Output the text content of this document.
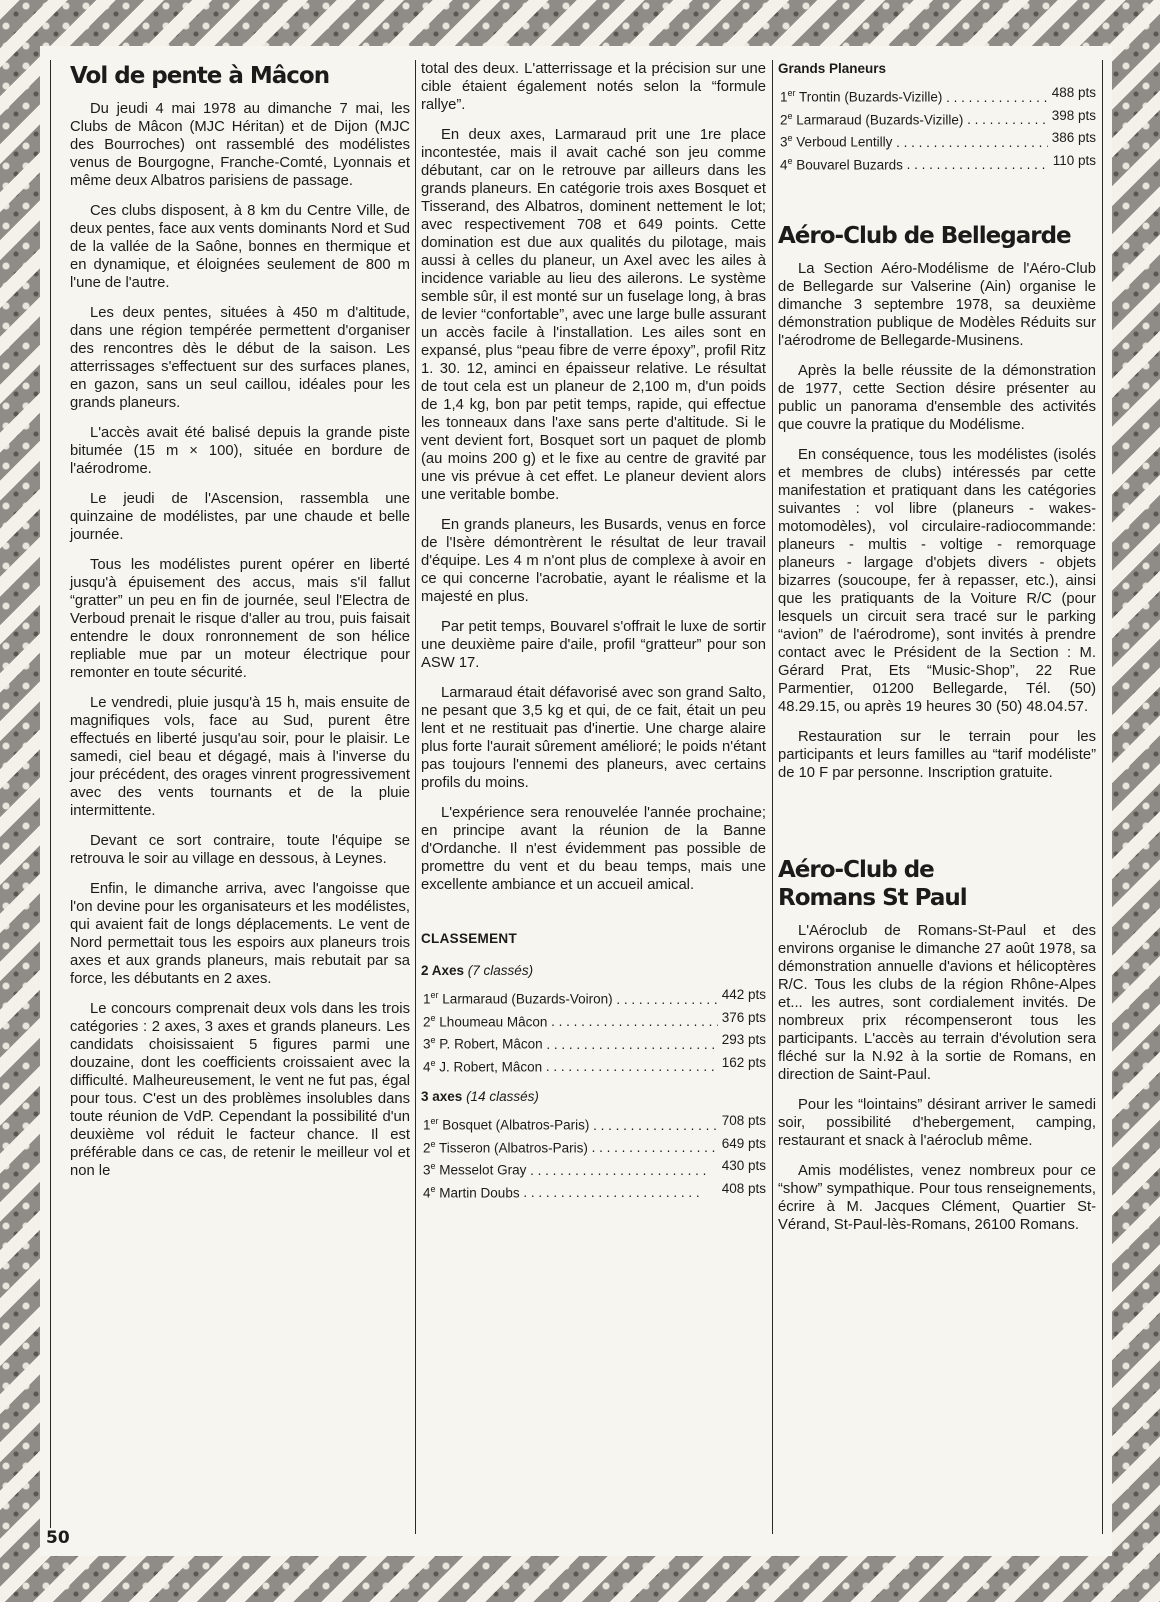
Vol de pente à Mâcon

Du jeudi 4 mai 1978 au dimanche 7 mai, les Clubs de Mâcon (MJC Héritan) et de Dijon (MJC des Bourroches) ont rassemblé des modélistes venus de Bourgogne, Franche-Comté, Lyonnais et même deux Albatros parisiens de passage.

Ces clubs disposent, à 8 km du Centre Ville, de deux pentes, face aux vents dominants Nord et Sud de la vallée de la Saône, bonnes en thermique et en dynamique, et éloignées seulement de 800 m l'une de l'autre.

Les deux pentes, situées à 450 m d'altitude, dans une région tempérée permettent d'organiser des rencontres dès le début de la saison. Les atterrissages s'effectuent sur des surfaces planes, en gazon, sans un seul caillou, idéales pour les grands planeurs.

L'accès avait été balisé depuis la grande piste bitumée (15 m × 100), située en bordure de l'aérodrome.

Le jeudi de l'Ascension, rassembla une quinzaine de modélistes, par une chaude et belle journée.

Tous les modélistes purent opérer en liberté jusqu'à épuisement des accus, mais s'il fallut “gratter” un peu en fin de journée, seul l'Electra de Verboud prenait le risque d'aller au trou, puis faisait entendre le doux ronronnement de son hélice repliable mue par un moteur électrique pour remonter en toute sécurité.

Le vendredi, pluie jusqu'à 15 h, mais ensuite de magnifiques vols, face au Sud, purent être effectués en liberté jusqu'au soir, pour le plaisir. Le samedi, ciel beau et dégagé, mais à l'inverse du jour précédent, des orages vinrent progressivement avec des vents tournants et de la pluie intermittente.

Devant ce sort contraire, toute l'équipe se retrouva le soir au village en dessous, à Leynes.

Enfin, le dimanche arriva, avec l'angoisse que l'on devine pour les organisateurs et les modélistes, qui avaient fait de longs déplacements. Le vent de Nord permettait tous les espoirs aux planeurs trois axes et aux grands planeurs, mais rebutait par sa force, les débutants en 2 axes.

Le concours comprenait deux vols dans les trois catégories : 2 axes, 3 axes et grands planeurs. Les candidats choisissaient 5 figures parmi une douzaine, dont les coefficients croissaient avec la difficulté. Malheureusement, le vent ne fut pas, égal pour tous. C'est un des problèmes insolubles dans toute réunion de VdP. Cependant la possibilité d'un deuxième vol réduit le facteur chance. Il est préférable dans ce cas, de retenir le meilleur vol et non le

total des deux. L'atterrissage et la précision sur une cible étaient également notés selon la “formule rallye”.

En deux axes, Larmaraud prit une 1re place incontestée, mais il avait caché son jeu comme débutant, car on le retrouve par ailleurs dans les grands planeurs. En catégorie trois axes Bosquet et Tisserand, des Albatros, dominent nettement le lot; avec respectivement 708 et 649 points. Cette domination est due aux qualités du pilotage, mais aussi à celles du planeur, un Axel avec les ailes à incidence variable au lieu des ailerons. Le système semble sûr, il est monté sur un fuselage long, à bras de levier “confortable”, avec une large bulle assurant un accès facile à l'installation. Les ailes sont en expansé, plus “peau fibre de verre époxy”, profil Ritz 1. 30. 12, aminci en épaisseur relative. Le résultat de tout cela est un planeur de 2,100 m, d'un poids de 1,4 kg, bon par petit temps, rapide, qui effectue les tonneaux dans l'axe sans perte d'altitude. Si le vent devient fort, Bosquet sort un paquet de plomb (au moins 200 g) et le fixe au centre de gravité par une vis prévue à cet effet. Le planeur devient alors une veritable bombe.

En grands planeurs, les Busards, venus en force de l'Isère démontrèrent le résultat de leur travail d'équipe. Les 4 m n'ont plus de complexe à avoir en ce qui concerne l'acrobatie, ayant le réalisme et la majesté en plus.

Par petit temps, Bouvarel s'offrait le luxe de sortir une deuxième paire d'aile, profil “gratteur” pour son ASW 17.

Larmaraud était défavorisé avec son grand Salto, ne pesant que 3,5 kg et qui, de ce fait, était un peu lent et ne restituait pas d'inertie. Une charge alaire plus forte l'aurait sûrement amélioré; le poids n'étant pas toujours l'ennemi des planeurs, avec certains profils du moins.

L'expérience sera renouvelée l'année prochaine; en principe avant la réunion de la Banne d'Ordanche. Il n'est évidemment pas possible de promettre du vent et du beau temps, mais une excellente ambiance et un accueil amical.

CLASSEMENT
2 Axes (7 classés)
1er Larmaraud (Buzards-Voiron) . . .	442 pts
2e Lhoumeau Mâcon . . .	376 pts
3e P. Robert, Mâcon . . .	293 pts
4e J. Robert, Mâcon . . .	162 pts
3 axes (14 classés)
1er Bosquet (Albatros-Paris) . . .	708 pts
2e Tisseron (Albatros-Paris) . . .	649 pts
3e Messelot Gray . . .	430 pts
4e Martin Doubs . . .	408 pts
Grands Planeurs
1er Trontin (Buzards-Vizille) . . .	488 pts
2e Larmaraud (Buzards-Vizille) . . .	398 pts
3e Verboud Lentilly . . .	386 pts
4e Bouvarel Buzards . . .	110 pts
Aéro-Club de Bellegarde

La Section Aéro-Modélisme de l'Aéro-Club de Bellegarde sur Valserine (Ain) organise le dimanche 3 septembre 1978, sa deuxième démonstration publique de Modèles Réduits sur l'aérodrome de Bellegarde-Musinens.

Après la belle réussite de la démonstration de 1977, cette Section désire présenter au public un panorama d'ensemble des activités que couvre la pratique du Modélisme.

En conséquence, tous les modélistes (isolés et membres de clubs) intéressés par cette manifestation et pratiquant dans les catégories suivantes : vol libre (planeurs - wakes-motomodèles), vol circulaire-radiocommande: planeurs - multis - voltige - remorquage planeurs - largage d'objets divers - objets bizarres (soucoupe, fer à repasser, etc.), ainsi que les pratiquants de la Voiture R/C (pour lesquels un circuit sera tracé sur le parking “avion” de l'aérodrome), sont invités à prendre contact avec le Président de la Section : M. Gérard Prat, Ets “Music-Shop”, 22 Rue Parmentier, 01200 Bellegarde, Tél. (50) 48.29.15, ou après 19 heures 30 (50) 48.04.57.

Restauration sur le terrain pour les participants et leurs familles au “tarif modéliste” de 10 F par personne. Inscription gratuite.

Aéro-Club de Romans St Paul

L'Aéroclub de Romans-St-Paul et des environs organise le dimanche 27 août 1978, sa démonstration annuelle d'avions et hélicoptères R/C. Tous les clubs de la région Rhône-Alpes et... les autres, sont cordialement invités. De nombreux prix récompenseront tous les participants. L'accès au terrain d'évolution sera fléché sur la N.92 à la sortie de Romans, en direction de Saint-Paul.

Pour les “lointains” désirant arriver le samedi soir, possibilité d'hebergement, camping, restaurant et snack à l'aéroclub même.

Amis modélistes, venez nombreux pour ce “show” sympathique. Pour tous renseignements, écrire à M. Jacques Clément, Quartier St-Vérand, St-Paul-lès-Romans, 26100 Romans.

50
